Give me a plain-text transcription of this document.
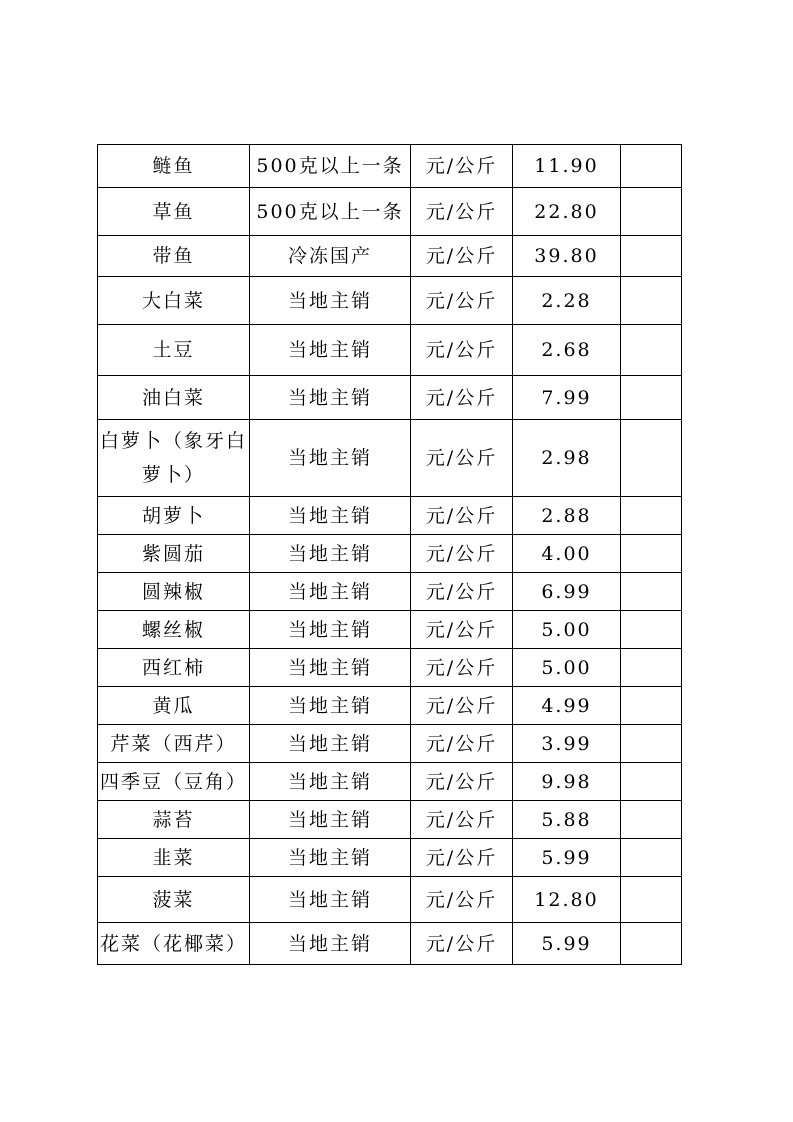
鲢鱼	500克以上一条	元/公斤	11.90	
草鱼	500克以上一条	元/公斤	22.80	
带鱼	冷冻国产	元/公斤	39.80	
大白菜	当地主销	元/公斤	2.28	
土豆	当地主销	元/公斤	2.68	
油白菜	当地主销	元/公斤	7.99	
白萝卜（象牙白萝卜）	当地主销	元/公斤	2.98	
胡萝卜	当地主销	元/公斤	2.88	
紫圆茄	当地主销	元/公斤	4.00	
圆辣椒	当地主销	元/公斤	6.99	
螺丝椒	当地主销	元/公斤	5.00	
西红柿	当地主销	元/公斤	5.00	
黄瓜	当地主销	元/公斤	4.99	
芹菜（西芹）	当地主销	元/公斤	3.99	
四季豆（豆角）	当地主销	元/公斤	9.98	
蒜苔	当地主销	元/公斤	5.88	
韭菜	当地主销	元/公斤	5.99	
菠菜	当地主销	元/公斤	12.80	
花菜（花椰菜）	当地主销	元/公斤	5.99	
